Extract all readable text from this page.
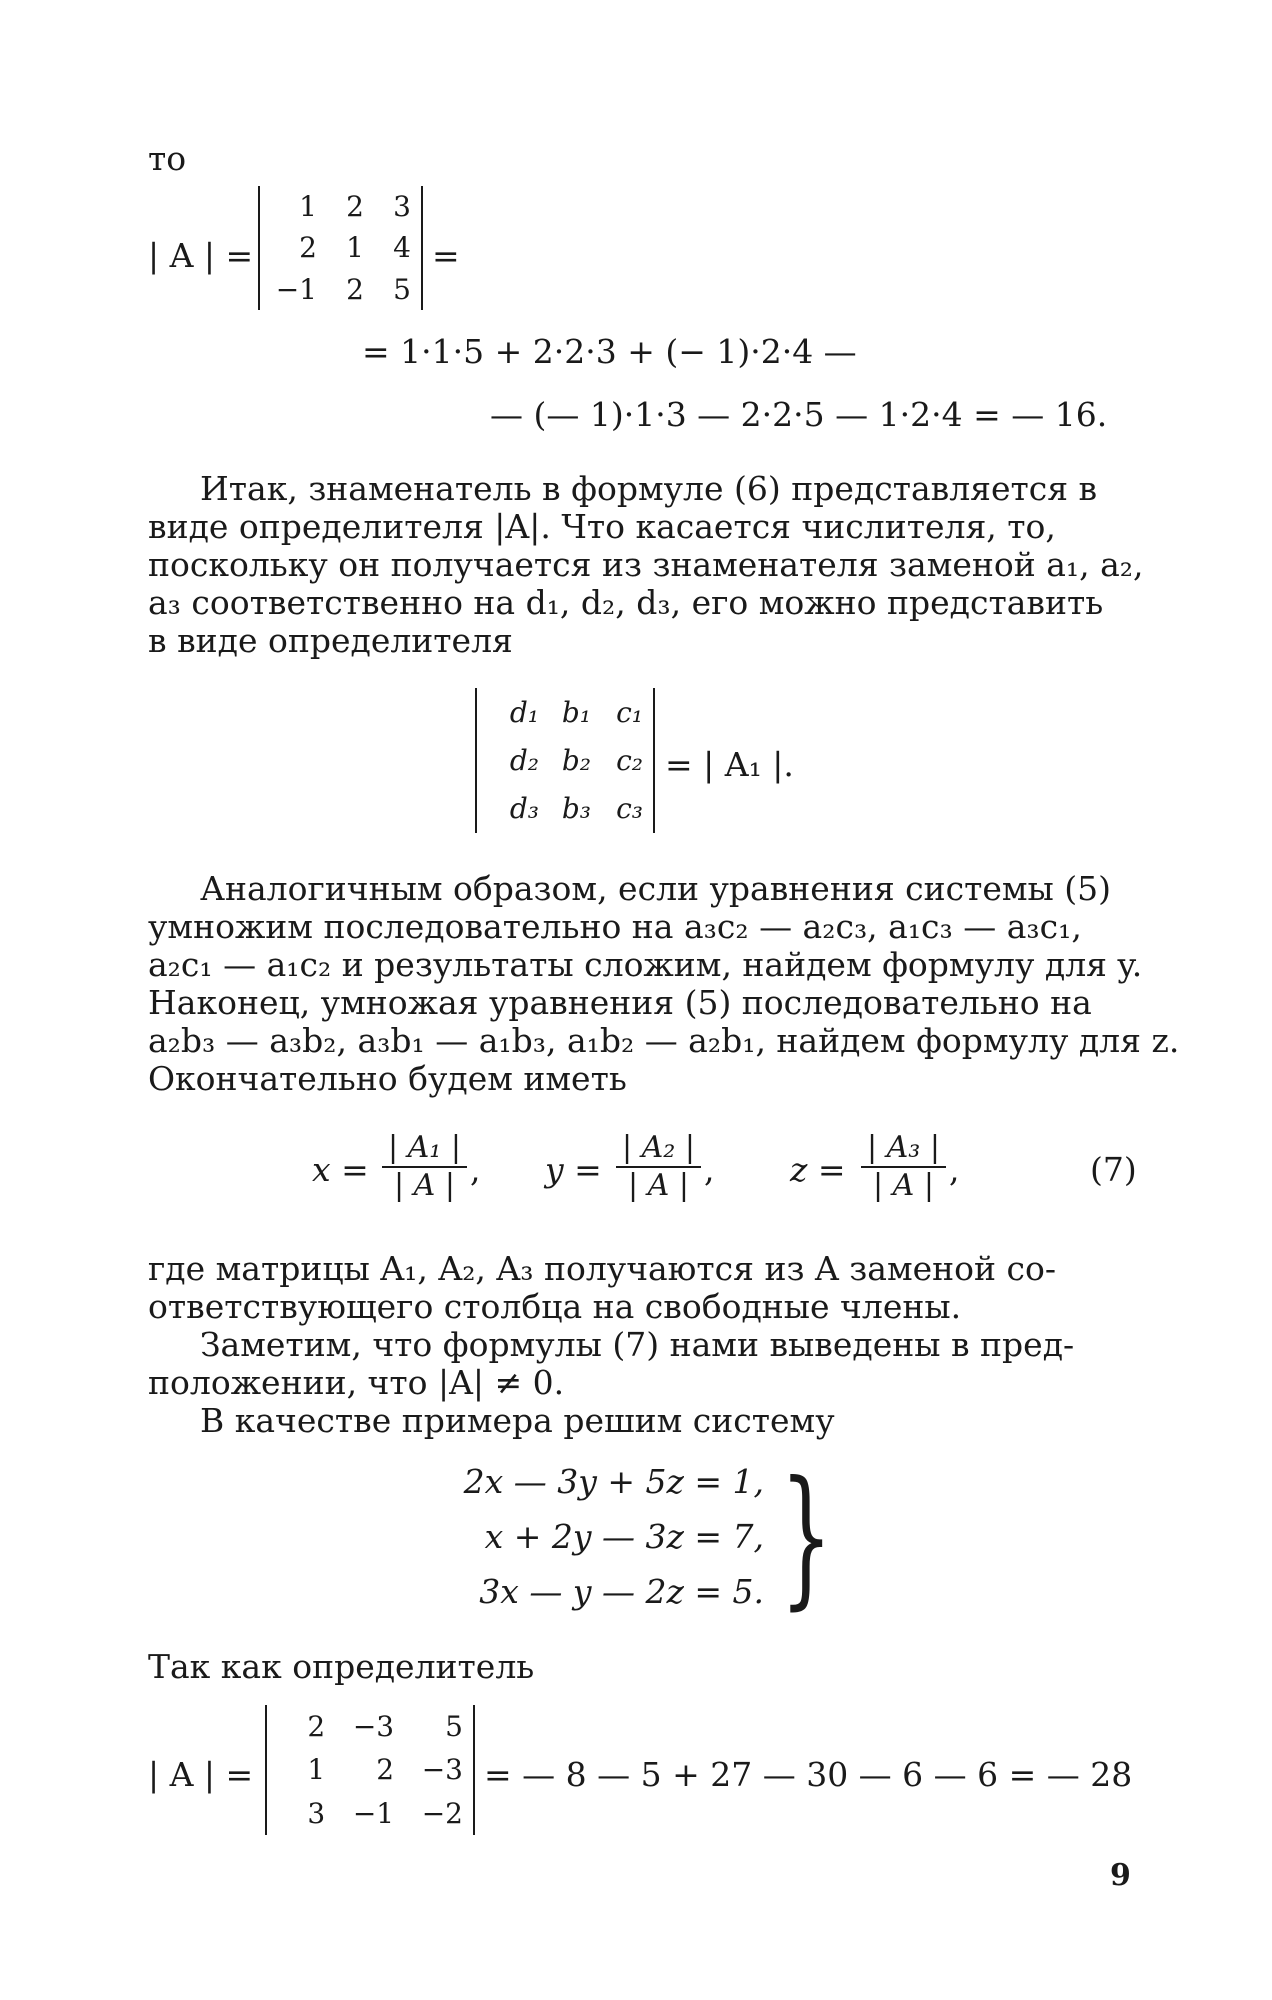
то
| A | =
1 2 3
2 1 4
−1 2 5
=
= 1·1·5 + 2·2·3 + (− 1)·2·4 —
— (— 1)·1·3 — 2·2·5 — 1·2·4 = — 16.
Итак, знаменатель в формуле (6) представляется в
виде определителя |A|. Что касается числителя, то,
поскольку он получается из знаменателя заменой a₁, a₂,
a₃ соответственно на d₁, d₂, d₃, его можно представить
в виде определителя
d₁ b₁ c₁
d₂ b₂ c₂
d₃ b₃ c₃
= | A₁ |.
Аналогичным образом, если уравнения системы (5)
умножим последовательно на a₃c₂ — a₂c₃, a₁c₃ — a₃c₁,
a₂c₁ — a₁c₂ и результаты сложим, найдем формулу для y.
Наконец, умножая уравнения (5) последовательно на
a₂b₃ — a₃b₂, a₃b₁ — a₁b₃, a₁b₂ — a₂b₁, найдем формулу для z.
Окончательно будем иметь
$x = \frac{\text{| A₁ |}}{| A |}$ , $y = \frac{\text{| A₂ |}}{| A |}$ , $z = \frac{\text{| A₃ |}}{| A |}$ ,	(7)
где матрицы A₁, A₂, A₃ получаются из A заменой со-
ответствующего столбца на свободные члены.
Заметим, что формулы (7) нами выведены в пред-
положении, что |A| ≠ 0.
В качестве примера решим систему
2x — 3y + 5z = 1,
x + 2y — 3z = 7,
3x — y — 2z = 5. }
Так как определитель
| A | =
2 −3 5
1 2 −3
3 −1 −2
= — 8 — 5 + 27 — 30 — 6 — 6 = — 28
9
